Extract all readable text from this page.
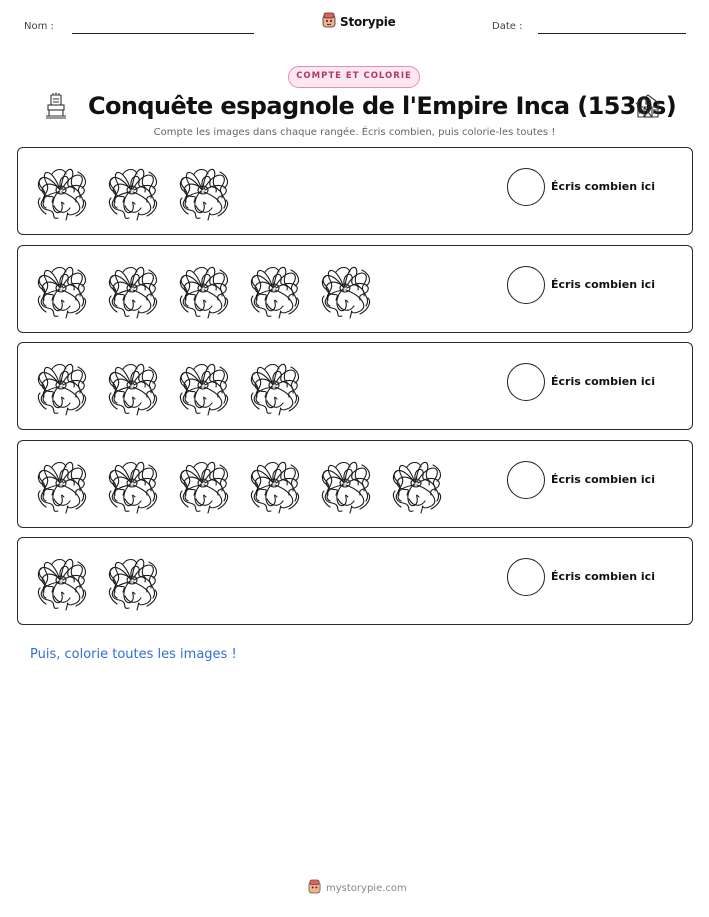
Nom :	Storypie	Date :
COMPTE ET COLORIE
Conquête espagnole de l'Empire Inca (1530s)
Compte les images dans chaque rangée. Écris combien, puis colorie-les toutes !
Écris combien ici
Écris combien ici
Écris combien ici
Écris combien ici
Écris combien ici
Puis, colorie toutes les images !
mystorypie.com
